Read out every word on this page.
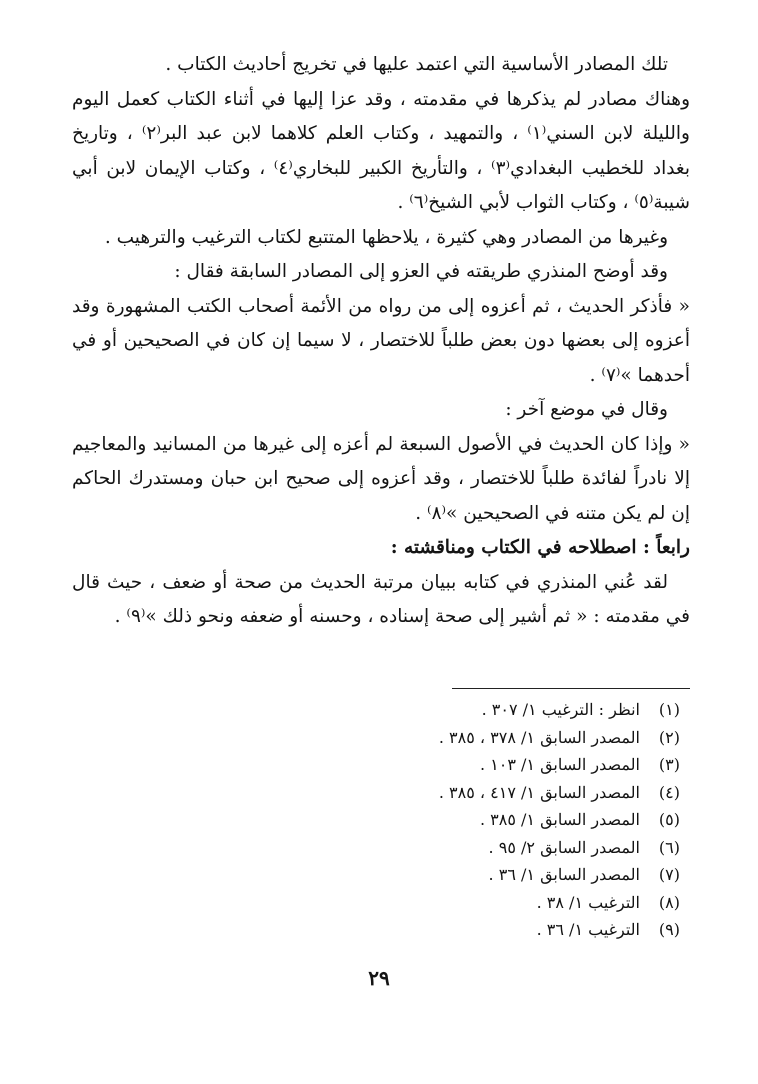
تلك المصادر الأساسية التي اعتمد عليها في تخريج أحاديث الكتاب .

وهناك مصادر لم يذكرها في مقدمته ، وقد عزا إليها في أثناء الكتاب كعمل اليوم والليلة لابن السني⁽١⁾ ، والتمهيد ، وكتاب العلم كلاهما لابن عبد البر⁽٢⁾ ، وتاريخ بغداد للخطيب البغدادي⁽٣⁾ ، والتأريخ الكبير للبخاري⁽٤⁾ ، وكتاب الإيمان لابن أبي شيبة⁽٥⁾ ، وكتاب الثواب لأبي الشيخ⁽٦⁾ .

وغيرها من المصادر وهي كثيرة ، يلاحظها المتتبع لكتاب الترغيب والترهيب .

وقد أوضح المنذري طريقته في العزو إلى المصادر السابقة فقال :

« فأذكر الحديث ، ثم أعزوه إلى من رواه من الأئمة أصحاب الكتب المشهورة وقد أعزوه إلى بعضها دون بعض طلباً للاختصار ، لا سيما إن كان في الصحيحين أو في أحدهما »⁽٧⁾ .

وقال في موضع آخر :

« وإذا كان الحديث في الأصول السبعة لم أعزه إلى غيرها من المسانيد والمعاجيم إلا نادراً لفائدة طلباً للاختصار ، وقد أعزوه إلى صحيح ابن حبان ومستدرك الحاكم إن لم يكن متنه في الصحيحين »⁽٨⁾ .

رابعاً : اصطلاحه في الكتاب ومناقشته :

لقد عُني المنذري في كتابه ببيان مرتبة الحديث من صحة أو ضعف ، حيث قال في مقدمته : « ثم أشير إلى صحة إسناده ، وحسنه أو ضعفه ونحو ذلك »⁽٩⁾ .

(١)
انظر : الترغيب ١/ ٣٠٧ .
(٢)
المصدر السابق ١/ ٣٧٨ ، ٣٨٥ .
(٣)
المصدر السابق ١/ ١٠٣ .
(٤)
المصدر السابق ١/ ٤١٧ ، ٣٨٥ .
(٥)
المصدر السابق ١/ ٣٨٥ .
(٦)
المصدر السابق ٢/ ٩٥ .
(٧)
المصدر السابق ١/ ٣٦ .
(٨)
الترغيب ١/ ٣٨ .
(٩)
الترغيب ١/ ٣٦ .
٢٩
